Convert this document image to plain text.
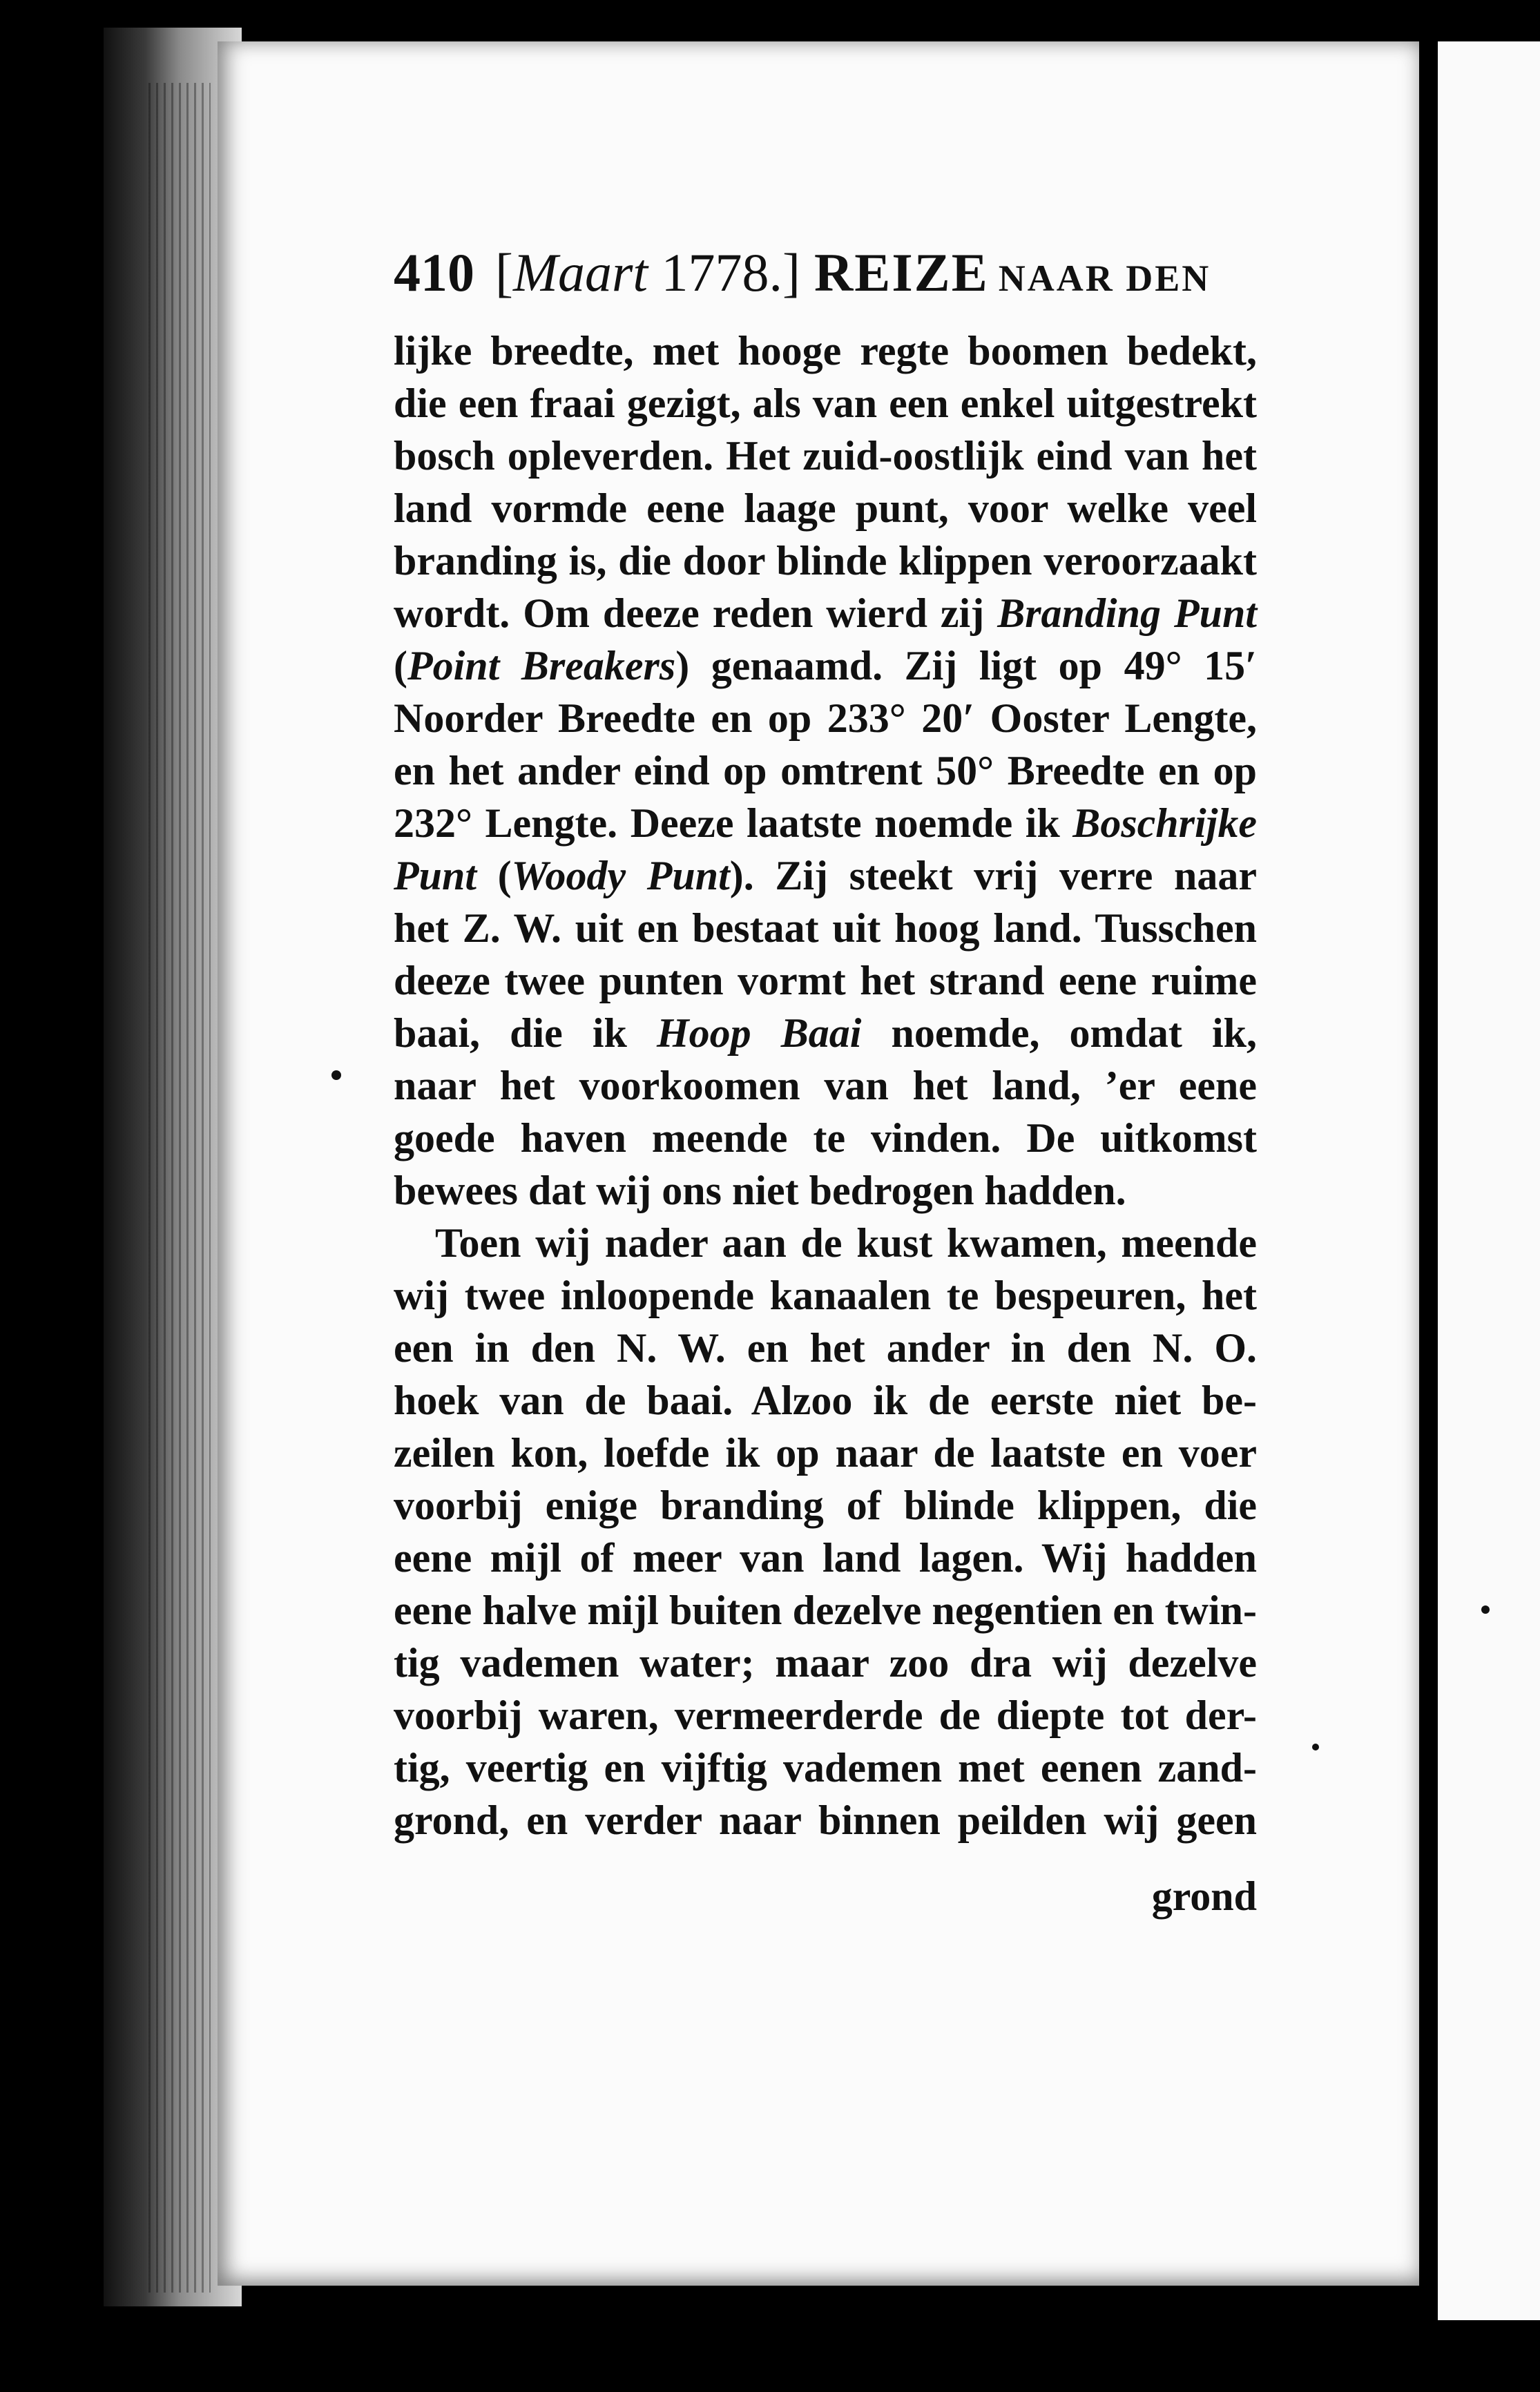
410 [Maart 1778.] REIZE NAAR DEN
lijke breedte, met hooge regte boomen bedekt,
die een fraai gezigt, als van een enkel uitgestrekt
bosch opleverden. Het zuid-oostlijk eind van het
land vormde eene laage punt, voor welke veel
branding is, die door blinde klippen veroorzaakt
wordt. Om deeze reden wierd zij Branding Punt
(Point Breakers) genaamd. Zij ligt op 49° 15′
Noorder Breedte en op 233° 20′ Ooster Lengte,
en het ander eind op omtrent 50° Breedte en op
232° Lengte. Deeze laatste noemde ik Boschrijke
Punt (Woody Punt). Zij steekt vrij verre naar
het Z. W. uit en bestaat uit hoog land. Tusschen
deeze twee punten vormt het strand eene ruime
baai, die ik Hoop Baai noemde, omdat ik,
naar het voorkoomen van het land, ’er eene
goede haven meende te vinden. De uitkomst
bewees dat wij ons niet bedrogen hadden.
Toen wij nader aan de kust kwamen, meende
wij twee inloopende kanaalen te bespeuren, het
een in den N. W. en het ander in den N. O.
hoek van de baai. Alzoo ik de eerste niet be-
zeilen kon, loefde ik op naar de laatste en voer
voorbij enige branding of blinde klippen, die
eene mijl of meer van land lagen. Wij hadden
eene halve mijl buiten dezelve negentien en twin-
tig vademen water; maar zoo dra wij dezelve
voorbij waren, vermeerderde de diepte tot der-
tig, veertig en vijftig vademen met eenen zand-
grond, en verder naar binnen peilden wij geen
grond
